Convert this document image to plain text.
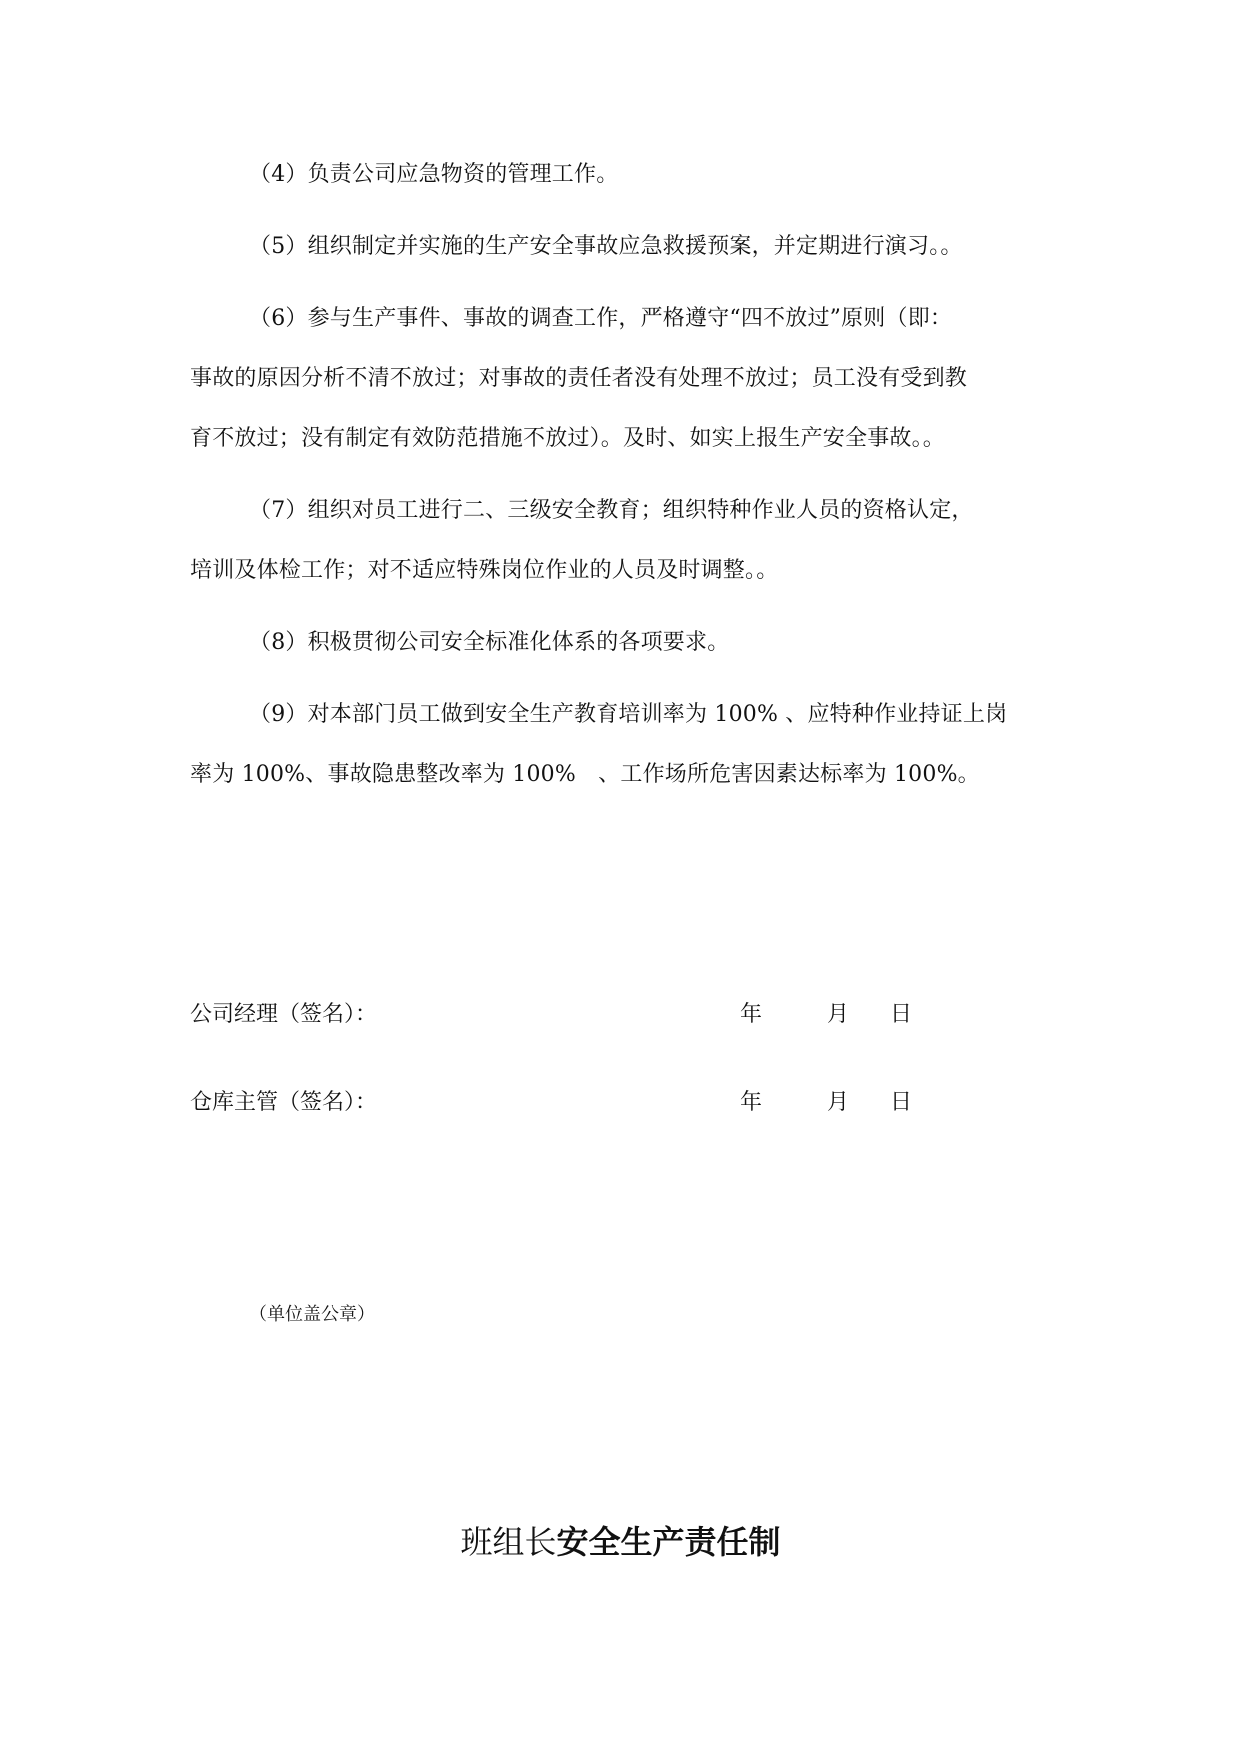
（4）负责公司应急物资的管理工作。
（5）组织制定并实施的生产安全事故应急救援预案，并定期进行演习。。
（6）参与生产事件、事故的调查工作，严格遵守“四不放过”原则（即：
事故的原因分析不清不放过；对事故的责任者没有处理不放过；员工没有受到教
育不放过；没有制定有效防范措施不放过）。及时、如实上报生产安全事故。。
（7）组织对员工进行二、三级安全教育；组织特种作业人员的资格认定，
培训及体检工作；对不适应特殊岗位作业的人员及时调整。。
（8）积极贯彻公司安全标准化体系的各项要求。
（9）对本部门员工做到安全生产教育培训率为 100% 、应特种作业持证上岗
率为 100%、事故隐患整改率为 100%　、工作场所危害因素达标率为 100%。
公司经理（签名）：	年	月 日
仓库主管（签名）：	年	月 日
（单位盖公章）
班组长安全生产责任制
